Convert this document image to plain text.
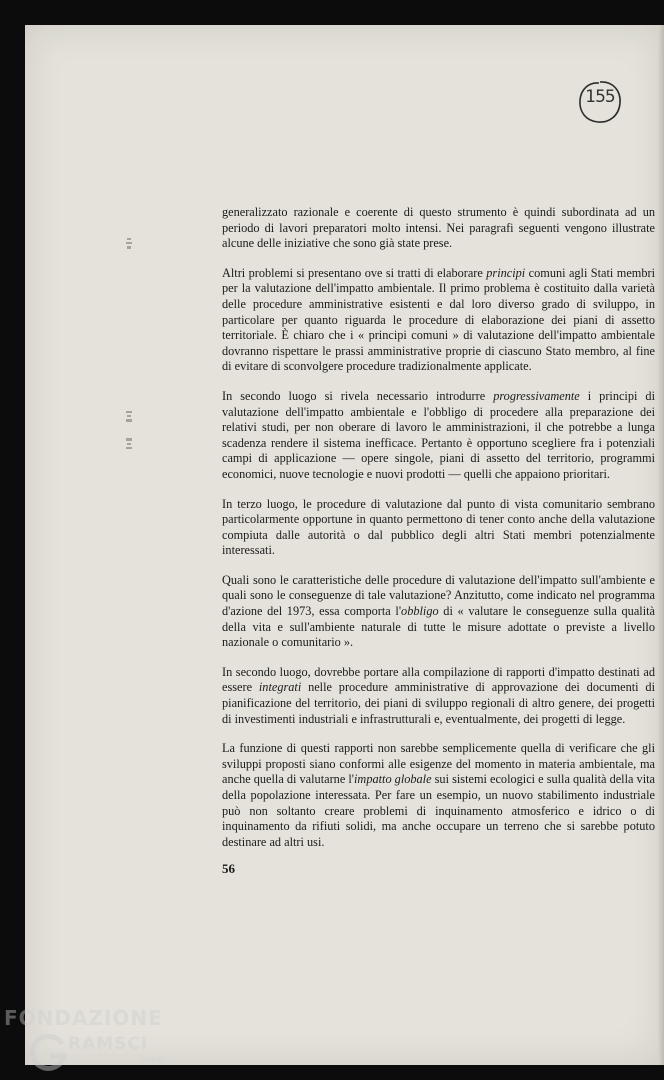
155

generalizzato razionale e coerente di questo strumento è quindi subordinata ad un periodo di lavori preparatori molto intensi. Nei paragrafi seguenti vengono illustrate alcune delle iniziative che sono già state prese.

Altri problemi si presentano ove si tratti di elaborare principi comuni agli Stati membri per la valutazione dell'impatto ambientale. Il primo problema è costituito dalla varietà delle procedure amministrative esistenti e dal loro diverso grado di sviluppo, in particolare per quanto riguarda le procedure di elaborazione dei piani di assetto territoriale. È chiaro che i « principi comuni » di valutazione dell'impatto ambientale dovranno rispettare le prassi amministrative proprie di ciascuno Stato membro, al fine di evitare di sconvolgere procedure tradizionalmente applicate.

In secondo luogo si rivela necessario introdurre progressivamente i principi di valutazione dell'impatto ambientale e l'obbligo di procedere alla preparazione dei relativi studi, per non oberare di lavoro le amministrazioni, il che potrebbe a lunga scadenza rendere il sistema inefficace. Pertanto è opportuno scegliere fra i potenziali campi di applicazione — opere singole, piani di assetto del territorio, programmi economici, nuove tecnologie e nuovi prodotti — quelli che appaiono prioritari.

In terzo luogo, le procedure di valutazione dal punto di vista comunitario sembrano particolarmente opportune in quanto permettono di tener conto anche della valutazione compiuta dalle autorità o dal pubblico degli altri Stati membri potenzialmente interessati.

Quali sono le caratteristiche delle procedure di valutazione dell'impatto sull'ambiente e quali sono le conseguenze di tale valutazione? Anzitutto, come indicato nel programma d'azione del 1973, essa comporta l'obbligo di « valutare le conseguenze sulla qualità della vita e sull'ambiente naturale di tutte le misure adottate o previste a livello nazionale o comunitario ».

In secondo luogo, dovrebbe portare alla compilazione di rapporti d'impatto destinati ad essere integrati nelle procedure amministrative di approvazione dei documenti di pianificazione del territorio, dei piani di sviluppo regionali di altro genere, dei progetti di investimenti industriali e infrastrutturali e, eventualmente, dei progetti di legge.

La funzione di questi rapporti non sarebbe semplicemente quella di verificare che gli sviluppi proposti siano conformi alle esigenze del momento in materia ambientale, ma anche quella di valutarne l'impatto globale sui sistemi ecologici e sulla qualità della vita della popolazione interessata. Per fare un esempio, un nuovo stabilimento industriale può non soltanto creare problemi di inquinamento atmosferico e idrico o di inquinamento da rifiuti solidi, ma anche occupare un terreno che si sarebbe potuto destinare ad altri usi.

56
FONDAZIONE
RAMSCI
onlus
